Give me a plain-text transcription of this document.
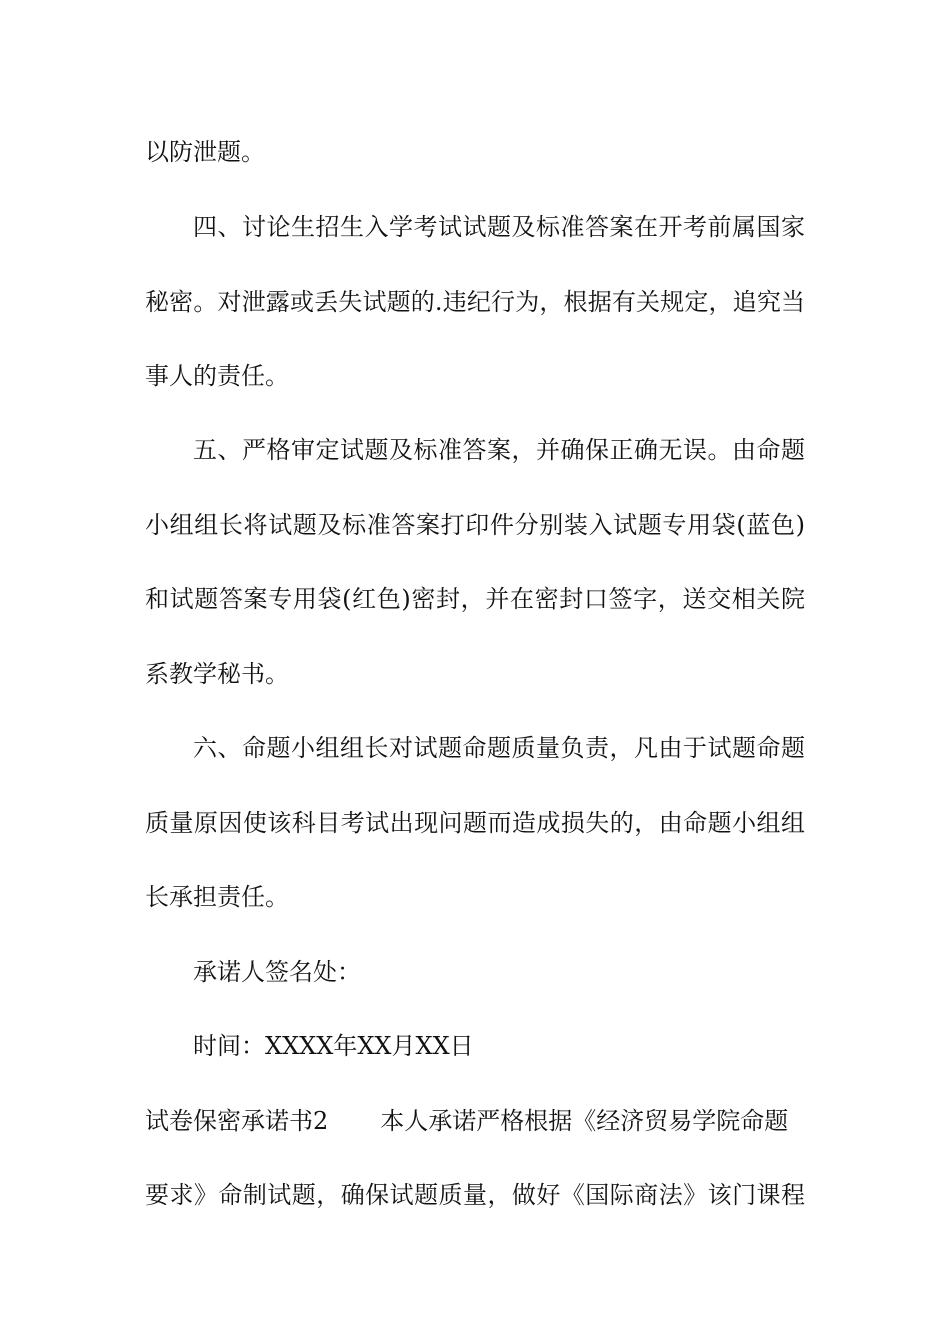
以防泄题。
四、讨论生招生入学考试试题及标准答案在开考前属国家
秘密。对泄露或丢失试题的.违纪行为，根据有关规定，追究当
事人的责任。
五、严格审定试题及标准答案，并确保正确无误。由命题
小组组长将试题及标准答案打印件分别装入试题专用袋(蓝色)
和试题答案专用袋(红色)密封，并在密封口签字，送交相关院
系教学秘书。
六、命题小组组长对试题命题质量负责，凡由于试题命题
质量原因使该科目考试出现问题而造成损失的，由命题小组组
长承担责任。
承诺人签名处：
时间：XXXX年XX月XX日
试卷保密承诺书2 本人承诺严格根据《经济贸易学院命题
要求》命制试题，确保试题质量，做好《国际商法》该门课程
